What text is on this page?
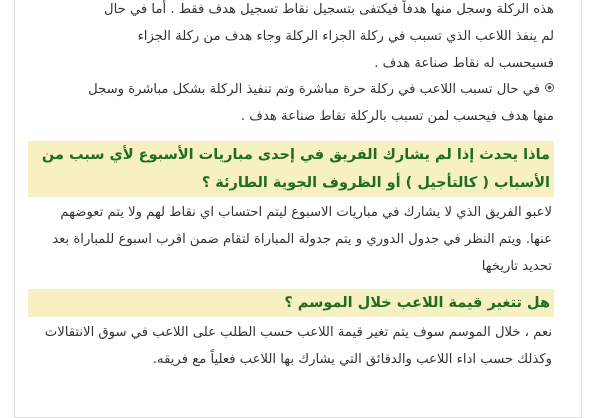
هذه الركلة وسجل منها هدفاً فيكتفى بتسجيل نقاط تسجيل هدف فقط . أما في حال

لم ينفذ اللاعب الذي تسبب في ركلة الجزاء الركلة وجاء هدف من ركلة الجزاء

فسيحسب له نقاط صناعة هدف .

في حال تسبب اللاعب في ركلة حرة مباشرة وتم تنفيذ الركلة بشكل مباشرة وسجل

منها هدف فيحسب لمن تسبب بالركلة نقاط صناعة هدف .

ماذا يحدث إذا لم يشارك الفريق في إحدى مباريات الأسبوع لأي سبب من
الأسباب ( كالتأجيل ) أو الظروف الجوية الطارئة ؟

لاعبو الفريق الذي لا يشارك في مباريات الاسبوع ليتم احتساب اي نقاط لهم ولا يتم تعوضهم

عنها. ويتم النظر في جدول الدوري و يتم جدولة المباراة لتقام ضمن اقرب اسبوع للمباراة بعد

تحديد تاريخها

هل تتغير قيمة اللاعب خلال الموسم ؟

نعم ، خلال الموسم سوف يتم تغير قيمة اللاعب حسب الطلب على اللاعب في سوق الانتقالات

وكذلك حسب اداء اللاعب والدقائق التي يشارك بها اللاعب فعلياً مع فريقه.
